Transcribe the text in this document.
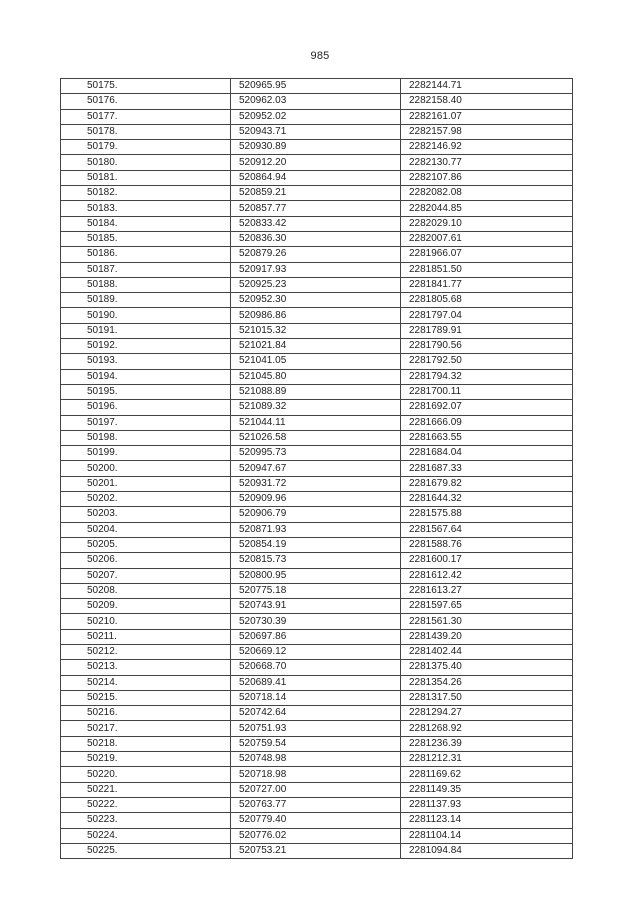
985
50175.	520965.95	2282144.71
50176.	520962.03	2282158.40
50177.	520952.02	2282161.07
50178.	520943.71	2282157.98
50179.	520930.89	2282146.92
50180.	520912.20	2282130.77
50181.	520864.94	2282107.86
50182.	520859.21	2282082.08
50183.	520857.77	2282044.85
50184.	520833.42	2282029.10
50185.	520836.30	2282007.61
50186.	520879.26	2281966.07
50187.	520917.93	2281851.50
50188.	520925.23	2281841.77
50189.	520952.30	2281805.68
50190.	520986.86	2281797.04
50191.	521015.32	2281789.91
50192.	521021.84	2281790.56
50193.	521041.05	2281792.50
50194.	521045.80	2281794.32
50195.	521088.89	2281700.11
50196.	521089.32	2281692.07
50197.	521044.11	2281666.09
50198.	521026.58	2281663.55
50199.	520995.73	2281684.04
50200.	520947.67	2281687.33
50201.	520931.72	2281679.82
50202.	520909.96	2281644.32
50203.	520906.79	2281575.88
50204.	520871.93	2281567.64
50205.	520854.19	2281588.76
50206.	520815.73	2281600.17
50207.	520800.95	2281612.42
50208.	520775.18	2281613.27
50209.	520743.91	2281597.65
50210.	520730.39	2281561.30
50211.	520697.86	2281439.20
50212.	520669.12	2281402.44
50213.	520668.70	2281375.40
50214.	520689.41	2281354.26
50215.	520718.14	2281317.50
50216.	520742.64	2281294.27
50217.	520751.93	2281268.92
50218.	520759.54	2281236.39
50219.	520748.98	2281212.31
50220.	520718.98	2281169.62
50221.	520727.00	2281149.35
50222.	520763.77	2281137.93
50223.	520779.40	2281123.14
50224.	520776.02	2281104.14
50225.	520753.21	2281094.84
